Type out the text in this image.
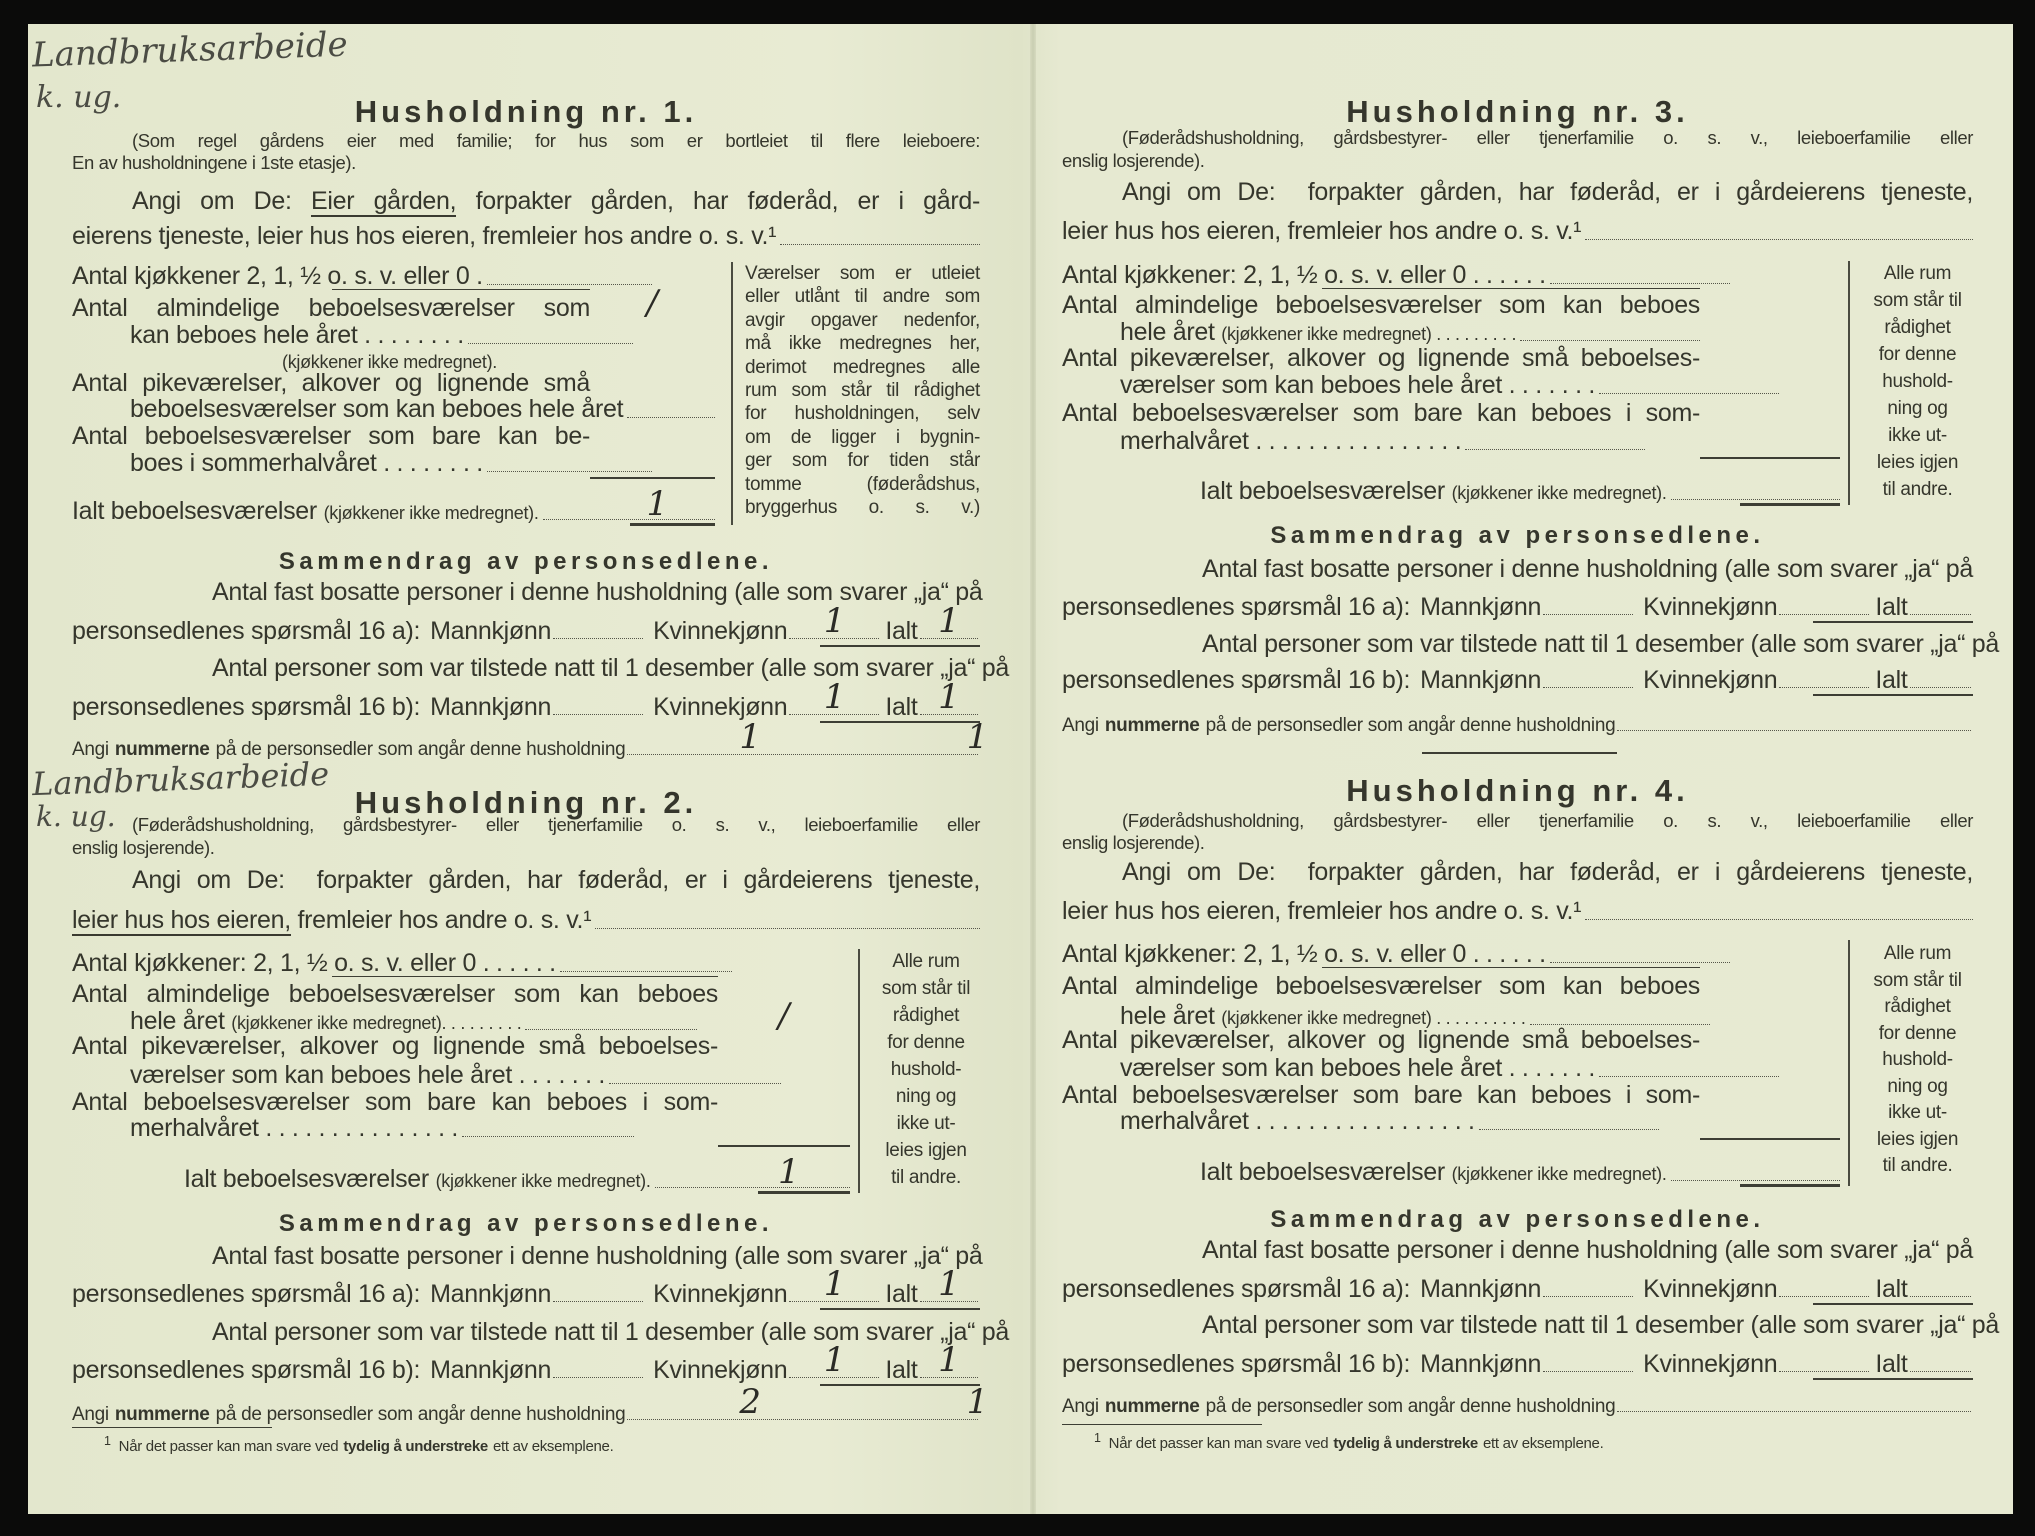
Landbruksarbeide
k. ug.
Landbruksarbeide
k. ug.
Husholdning nr. 1.
(Som regel gårdens eier med familie; for hus som er bortleiet til flere leieboere:
En av husholdningene i 1ste etasje).
Angi om De: Eier gården, forpakter gården, har føderåd, er i gård-
eierens tjeneste, leier hus hos eieren, fremleier hos andre o. s. v.¹
Antal kjøkkener 2, 1, ½ o. s. v. eller 0 .
Antal almindelige beboelsesværelser som /
kan beboes hele året . . . . . . . .
(kjøkkener ikke medregnet).
Antal pikeværelser, alkover og lignende små
beboelsesværelser som kan beboes hele året
Antal beboelsesværelser som bare kan be-
boes i sommerhalvåret . . . . . . . .
Ialt beboelsesværelser (kjøkkener ikke medregnet).	1
Værelser som er utleiet
eller utlånt til andre som
avgir opgaver nedenfor,
må ikke medregnes her,
derimot medregnes alle
rum som står til rådighet
for husholdningen, selv
om de ligger i bygnin-
ger som for tiden står
tomme (føderådshus,
bryggerhus o. s. v.)
Sammendrag av personsedlene.
Antal fast bosatte personer i denne husholdning (alle som svarer „ja“ på
Antal personer som var tilstede natt til 1 desember (alle som svarer „ja“ på
personsedlenes spørsmål 16 a): Mannkjønn	Kvinnekjønn 1 Ialt 1
personsedlenes spørsmål 16 b): Mannkjønn	Kvinnekjønn 1 Ialt 1
Angi nummerne på de personsedler som angår denne husholdning	1	1
Husholdning nr. 2.
(Føderådshusholdning, gårdsbestyrer- eller tjenerfamilie o. s. v., leieboerfamilie eller
enslig losjerende).
Angi om De:  forpakter gården, har føderåd, er i gårdeierens tjeneste,
leier hus hos eieren, fremleier hos andre o. s. v.¹
Antal kjøkkener: 2, 1, ½ o. s. v. eller 0 . . . . . .
Antal almindelige beboelsesværelser som kan beboes
hele året (kjøkkener ikke medregnet). . . . . . . . .	/
Antal pikeværelser, alkover og lignende små beboelses-
værelser som kan beboes hele året . . . . . . .
Antal beboelsesværelser som bare kan beboes i som-
merhalvåret . . . . . . . . . . . . . . .
Ialt beboelsesværelser (kjøkkener ikke medregnet).	1
Alle rum
som står til
rådighet
for denne
hushold-
ning og
ikke ut-
leies igjen
til andre.
Sammendrag av personsedlene.
Antal fast bosatte personer i denne husholdning (alle som svarer „ja“ på
Antal personer som var tilstede natt til 1 desember (alle som svarer „ja“ på
personsedlenes spørsmål 16 a): Mannkjønn	Kvinnekjønn 1 Ialt 1
personsedlenes spørsmål 16 b): Mannkjønn	Kvinnekjønn 1 Ialt 1
Angi nummerne på de personsedler som angår denne husholdning	2	1
$^1$ Når det passer kan man svare ved tydelig å understreke ett av eksemplene.
Husholdning nr. 3.
(Føderådshusholdning, gårdsbestyrer- eller tjenerfamilie o. s. v., leieboerfamilie eller
enslig losjerende).
Angi om De:  forpakter gården, har føderåd, er i gårdeierens tjeneste,
leier hus hos eieren, fremleier hos andre o. s. v.¹
Antal kjøkkener: 2, 1, ½ o. s. v. eller 0 . . . . . .
Antal almindelige beboelsesværelser som kan beboes
hele året (kjøkkener ikke medregnet) . . . . . . . . .
Antal pikeværelser, alkover og lignende små beboelses-
værelser som kan beboes hele året . . . . . . .
Antal beboelsesværelser som bare kan beboes i som-
merhalvåret . . . . . . . . . . . . . . . .
Ialt beboelsesværelser (kjøkkener ikke medregnet).
Alle rum
som står til
rådighet
for denne
hushold-
ning og
ikke ut-
leies igjen
til andre.
Sammendrag av personsedlene.
Antal fast bosatte personer i denne husholdning (alle som svarer „ja“ på
Antal personer som var tilstede natt til 1 desember (alle som svarer „ja“ på
personsedlenes spørsmål 16 a): Mannkjønn	Kvinnekjønn	Ialt
personsedlenes spørsmål 16 b): Mannkjønn	Kvinnekjønn	Ialt
Angi nummerne på de personsedler som angår denne husholdning
Husholdning nr. 4.
(Føderådshusholdning, gårdsbestyrer- eller tjenerfamilie o. s. v., leieboerfamilie eller
enslig losjerende).
Angi om De:  forpakter gården, har føderåd, er i gårdeierens tjeneste,
leier hus hos eieren, fremleier hos andre o. s. v.¹
Antal kjøkkener: 2, 1, ½ o. s. v. eller 0 . . . . . .
Antal almindelige beboelsesværelser som kan beboes
hele året (kjøkkener ikke medregnet) . . . . . . . . . .
Antal pikeværelser, alkover og lignende små beboelses-
værelser som kan beboes hele året . . . . . . .
Antal beboelsesværelser som bare kan beboes i som-
merhalvåret . . . . . . . . . . . . . . . . .
Ialt beboelsesværelser (kjøkkener ikke medregnet).
Alle rum
som står til
rådighet
for denne
hushold-
ning og
ikke ut-
leies igjen
til andre.
Sammendrag av personsedlene.
Antal fast bosatte personer i denne husholdning (alle som svarer „ja“ på
Antal personer som var tilstede natt til 1 desember (alle som svarer „ja“ på
personsedlenes spørsmål 16 a): Mannkjønn	Kvinnekjønn	Ialt
personsedlenes spørsmål 16 b): Mannkjønn	Kvinnekjønn	Ialt
Angi nummerne på de personsedler som angår denne husholdning
$^1$ Når det passer kan man svare ved tydelig å understreke ett av eksemplene.
